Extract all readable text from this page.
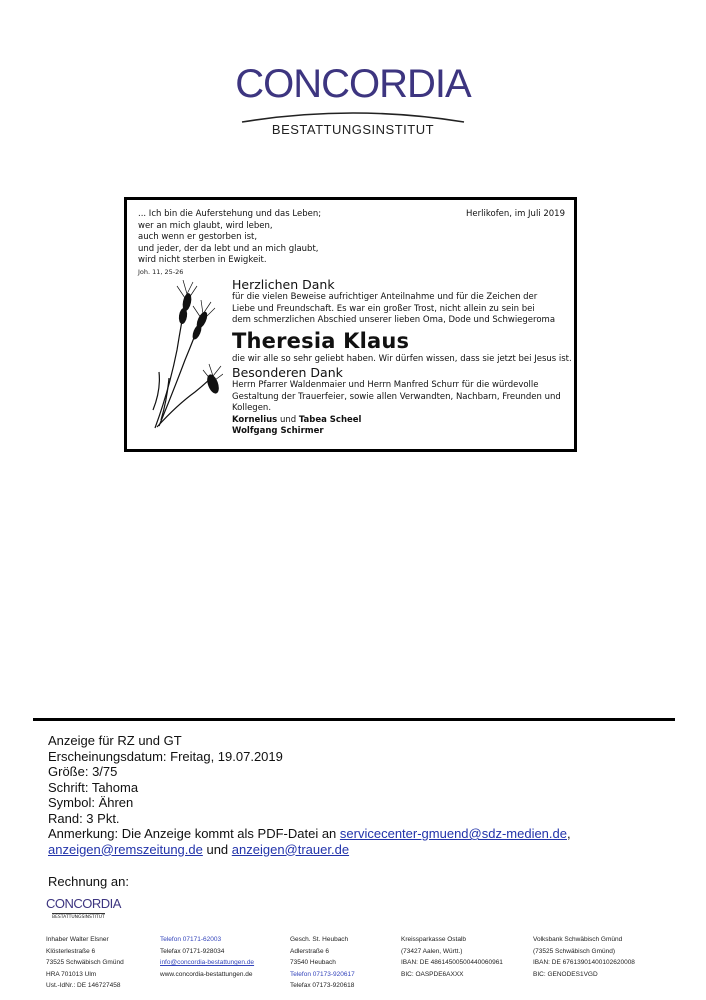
CONCORDIA
BESTATTUNGSINSTITUT
... Ich bin die Auferstehung und das Leben;
wer an mich glaubt, wird leben,
auch wenn er gestorben ist,
und jeder, der da lebt und an mich glaubt,
wird nicht sterben in Ewigkeit.
Joh. 11, 25-26
Herlikofen, im Juli 2019
Herzlichen Dank
für die vielen Beweise aufrichtiger Anteilnahme und für die Zeichen der
Liebe und Freundschaft. Es war ein großer Trost, nicht allein zu sein bei
dem schmerzlichen Abschied unserer lieben Oma, Dode und Schwiegeroma
Theresia Klaus
die wir alle so sehr geliebt haben. Wir dürfen wissen, dass sie jetzt bei Jesus ist.
Besonderen Dank
Herrn Pfarrer Waldenmaier und Herrn Manfred Schurr für die würdevolle
Gestaltung der Trauerfeier, sowie allen Verwandten, Nachbarn, Freunden und
Kollegen.
Kornelius und Tabea Scheel
Wolfgang Schirmer
Anzeige für RZ und GT
Erscheinungsdatum: Freitag, 19.07.2019
Größe: 3/75
Schrift: Tahoma
Symbol: Ähren
Rand: 3 Pkt.
Anmerkung: Die Anzeige kommt als PDF-Datei an servicecenter-gmuend@sdz-medien.de,
anzeigen@remszeitung.de und anzeigen@trauer.de
Rechnung an:
CONCORDIA
BESTATTUNGSINSTITUT
Inhaber Walter Elsner
Klösterlestraße 6
73525 Schwäbisch Gmünd
HRA 701013 Ulm
Ust.-IdNr.: DE 146727458
Telefon 07171-62003
Telefax 07171-928034
info@concordia-bestattungen.de
www.concordia-bestattungen.de
Gesch. St. Heubach
Adlerstraße 6
73540 Heubach
Telefon 07173-920617
Telefax 07173-920618
Kreissparkasse Ostalb
(73427 Aalen, Württ.)
IBAN: DE 48614500500440060961
BIC: OASPDE6AXXX
Volksbank Schwäbisch Gmünd
(73525 Schwäbisch Gmünd)
IBAN: DE 67613901400102620008
BIC: GENODES1VGD
